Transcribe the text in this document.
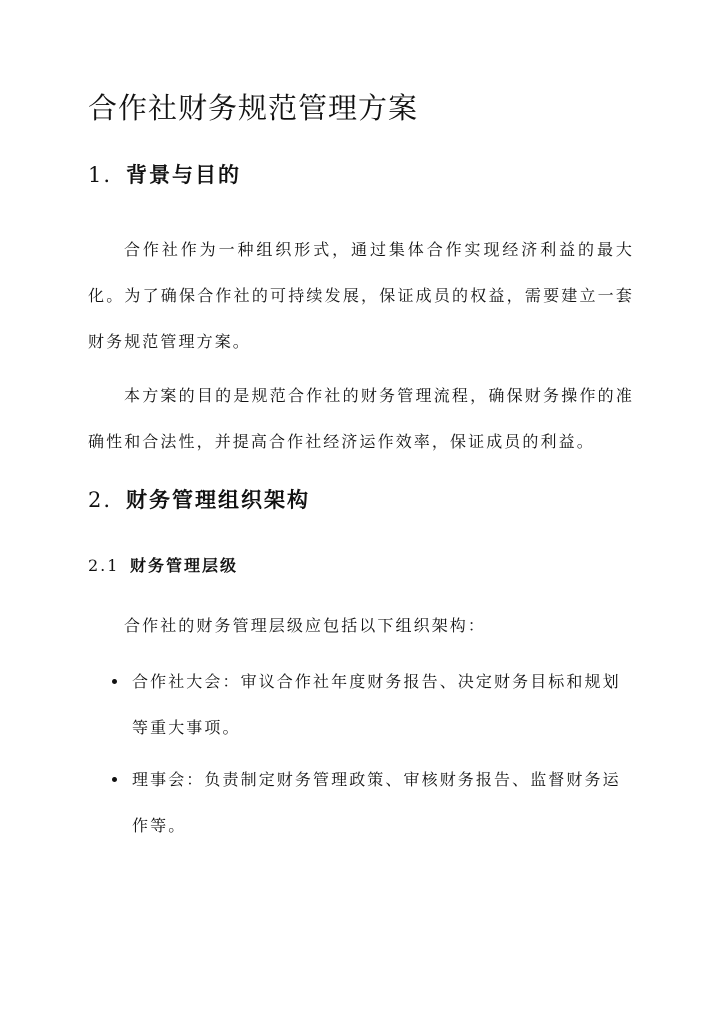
合作社财务规范管理方案
1. 背景与目的

合作社作为一种组织形式，通过集体合作实现经济利益的最大化。为了确保合作社的可持续发展，保证成员的权益，需要建立一套财务规范管理方案。

本方案的目的是规范合作社的财务管理流程，确保财务操作的准确性和合法性，并提高合作社经济运作效率，保证成员的利益。

2. 财务管理组织架构
2.1 财务管理层级

合作社的财务管理层级应包括以下组织架构：

合作社大会：审议合作社年度财务报告、决定财务目标和规划等重大事项。
理事会：负责制定财务管理政策、审核财务报告、监督财务运作等。
